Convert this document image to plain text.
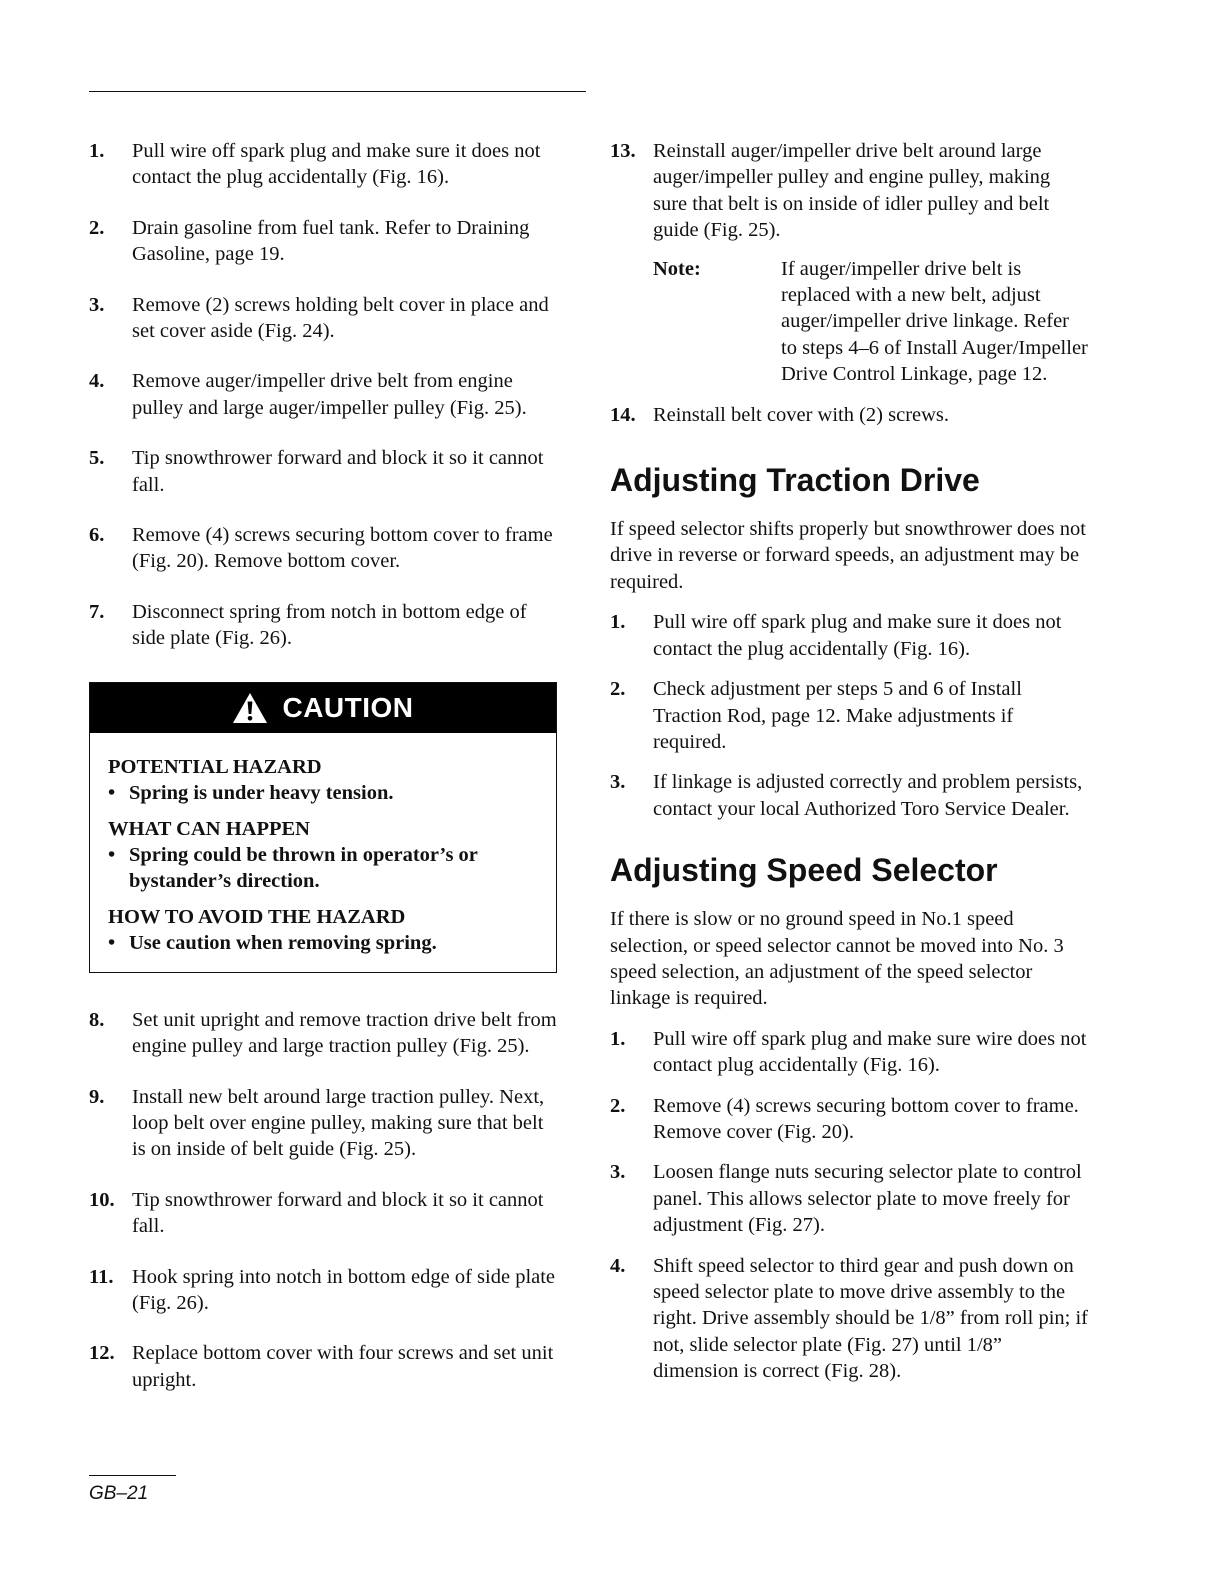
1. Pull wire off spark plug and make sure it does not contact the plug accidentally (Fig. 16).
2. Drain gasoline from fuel tank. Refer to Draining Gasoline, page 19.
3. Remove (2) screws holding belt cover in place and set cover aside (Fig. 24).
4. Remove auger/impeller drive belt from engine pulley and large auger/impeller pulley (Fig. 25).
5. Tip snowthrower forward and block it so it cannot fall.
6. Remove (4) screws securing bottom cover to frame (Fig. 20). Remove bottom cover.
7. Disconnect spring from notch in bottom edge of side plate (Fig. 26).
CAUTION
POTENTIAL HAZARD
• Spring is under heavy tension.
WHAT CAN HAPPEN
• Spring could be thrown in operator’s or bystander’s direction.
HOW TO AVOID THE HAZARD
• Use caution when removing spring.
8. Set unit upright and remove traction drive belt from engine pulley and large traction pulley (Fig. 25).
9. Install new belt around large traction pulley. Next, loop belt over engine pulley, making sure that belt is on inside of belt guide (Fig. 25).
10. Tip snowthrower forward and block it so it cannot fall.
11. Hook spring into notch in bottom edge of side plate (Fig. 26).
12. Replace bottom cover with four screws and set unit upright.
13. Reinstall auger/impeller drive belt around large auger/impeller pulley and engine pulley, making sure that belt is on inside of idler pulley and belt guide (Fig. 25).
Note:	If auger/impeller drive belt is replaced with a new belt, adjust auger/impeller drive linkage. Refer to steps 4–6 of Install Auger/Impeller Drive Control Linkage, page 12.
14. Reinstall belt cover with (2) screws.
Adjusting Traction Drive
If speed selector shifts properly but snowthrower does not drive in reverse or forward speeds, an adjustment may be required.
1. Pull wire off spark plug and make sure it does not contact the plug accidentally (Fig. 16).
2. Check adjustment per steps 5 and 6 of Install Traction Rod, page 12. Make adjustments if required.
3. If linkage is adjusted correctly and problem persists, contact your local Authorized Toro Service Dealer.
Adjusting Speed Selector
If there is slow or no ground speed in No.1 speed selection, or speed selector cannot be moved into No. 3 speed selection, an adjustment of the speed selector linkage is required.
1. Pull wire off spark plug and make sure wire does not contact plug accidentally (Fig. 16).
2. Remove (4) screws securing bottom cover to frame. Remove cover (Fig. 20).
3. Loosen flange nuts securing selector plate to control panel. This allows selector plate to move freely for adjustment (Fig. 27).
4. Shift speed selector to third gear and push down on speed selector plate to move drive assembly to the right. Drive assembly should be 1/8” from roll pin; if not, slide selector plate (Fig. 27) until 1/8” dimension is correct (Fig. 28).
GB–21
